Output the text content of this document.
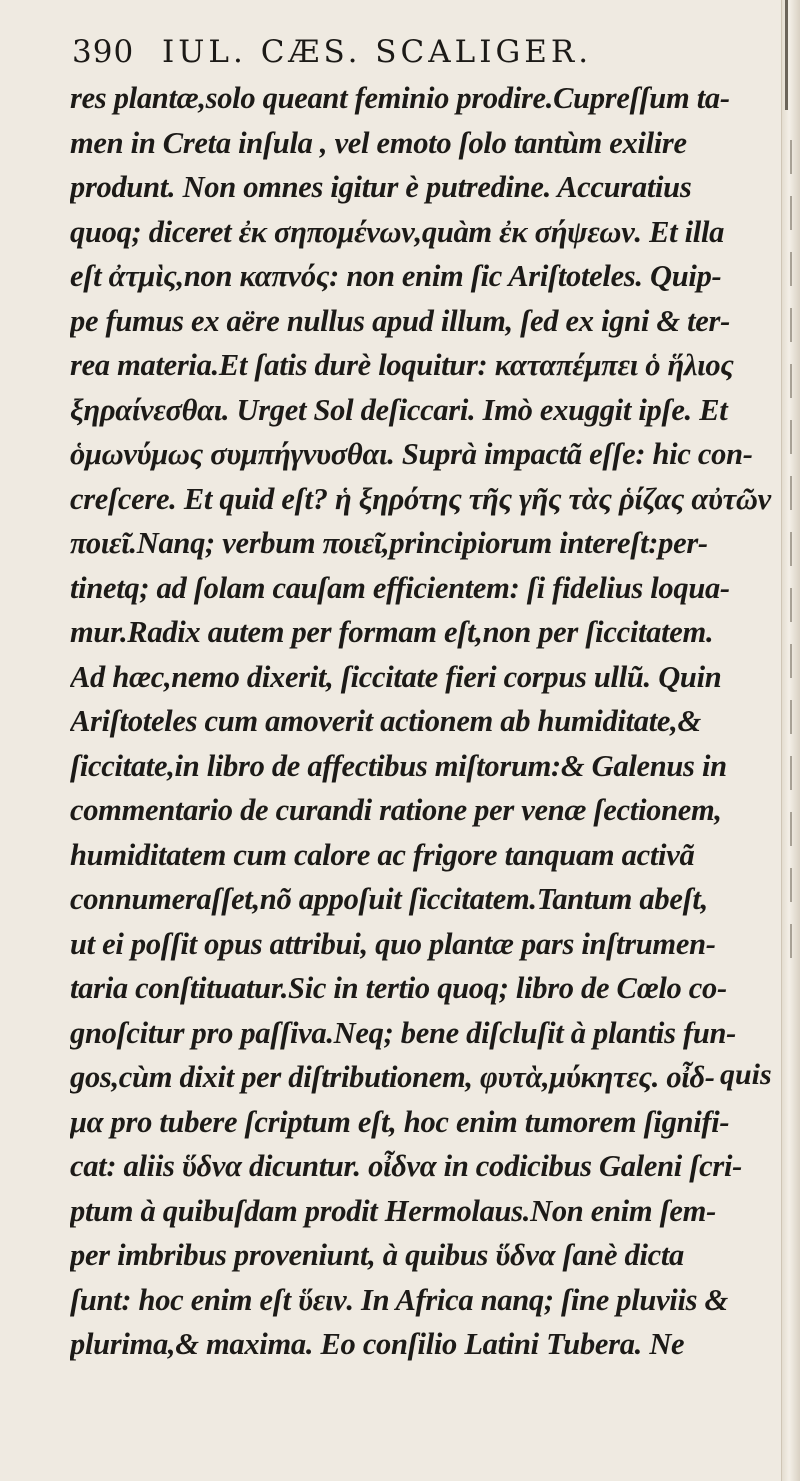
390 IUL. CÆS. SCALIGER.
res plantæ,solo queant feminio prodire.Cupreſſum ta-
men in Creta inſula , vel emoto ſolo tantùm exilire
produnt. Non omnes igitur è putredine. Accuratius
quoq; diceret ἐκ σηπομένων,quàm ἐκ σήψεων. Et illa
eſt ἀτμὶς,non καπνός: non enim ſic Ariſtoteles. Quip-
pe fumus ex aëre nullus apud illum, ſed ex igni & ter-
rea materia.Et ſatis durè loquitur: καταπέμπει ὁ ἥλιος
ξηραίνεσθαι. Urget Sol deſiccari. Imò exuggit ipſe. Et
ὁμωνύμως συμπήγνυσθαι. Suprà impactã eſſe: hic con-
creſcere. Et quid eſt? ἡ ξηρότης τῆς γῆς τὰς ῥίζας αὐτῶν
ποιεῖ.Nanq; verbum ποιεῖ,principiorum intereſt:per-
tinetq; ad ſolam cauſam efficientem: ſi fidelius loqua-
mur.Radix autem per formam eſt,non per ſiccitatem.
Ad hæc,nemo dixerit, ſiccitate fieri corpus ullũ. Quin
Ariſtoteles cum amoverit actionem ab humiditate,&
ſiccitate,in libro de affectibus miſtorum:& Galenus in
commentario de curandi ratione per venæ ſectionem,
humiditatem cum calore ac frigore tanquam activã
connumeraſſet,nõ appoſuit ſiccitatem.Tantum abeſt,
ut ei poſſit opus attribui, quo plantæ pars inſtrumen-
taria conſtituatur.Sic in tertio quoq; libro de Cœlo co-
gnoſcitur pro paſſiva.Neq; bene diſcluſit à plantis fun-
gos,cùm dixit per diſtributionem, φυτὰ,μύκητες. οἶδ-
μα pro tubere ſcriptum eſt, hoc enim tumorem ſignifi-
cat: aliis ὕδνα dicuntur. οἶδνα in codicibus Galeni ſcri-
ptum à quibuſdam prodit Hermolaus.Non enim ſem-
per imbribus proveniunt, à quibus ὕδνα ſanè dicta
ſunt: hoc enim eſt ὕειν. In Africa nanq; ſine pluviis &
plurima,& maxima. Eo conſilio Latini Tubera. Ne
quis
